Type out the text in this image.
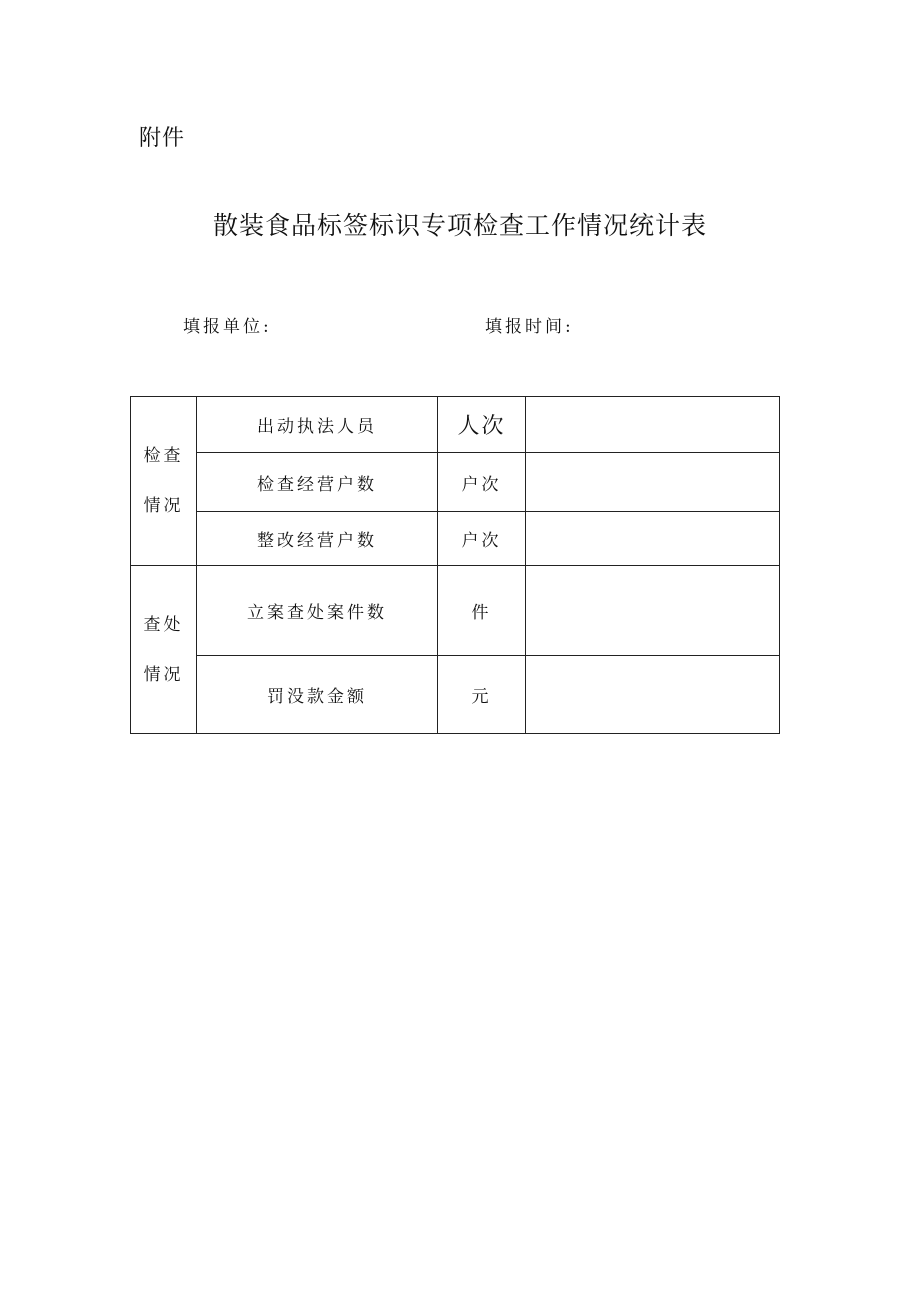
附件
散装食品标签标识专项检查工作情况统计表
填报单位:	填报时间:
检查
情况	出动执法人员	人次	
	检查经营户数	户次	
	整改经营户数	户次	

查处
情况	立案查处案件数	件	
	罚没款金额	元	
